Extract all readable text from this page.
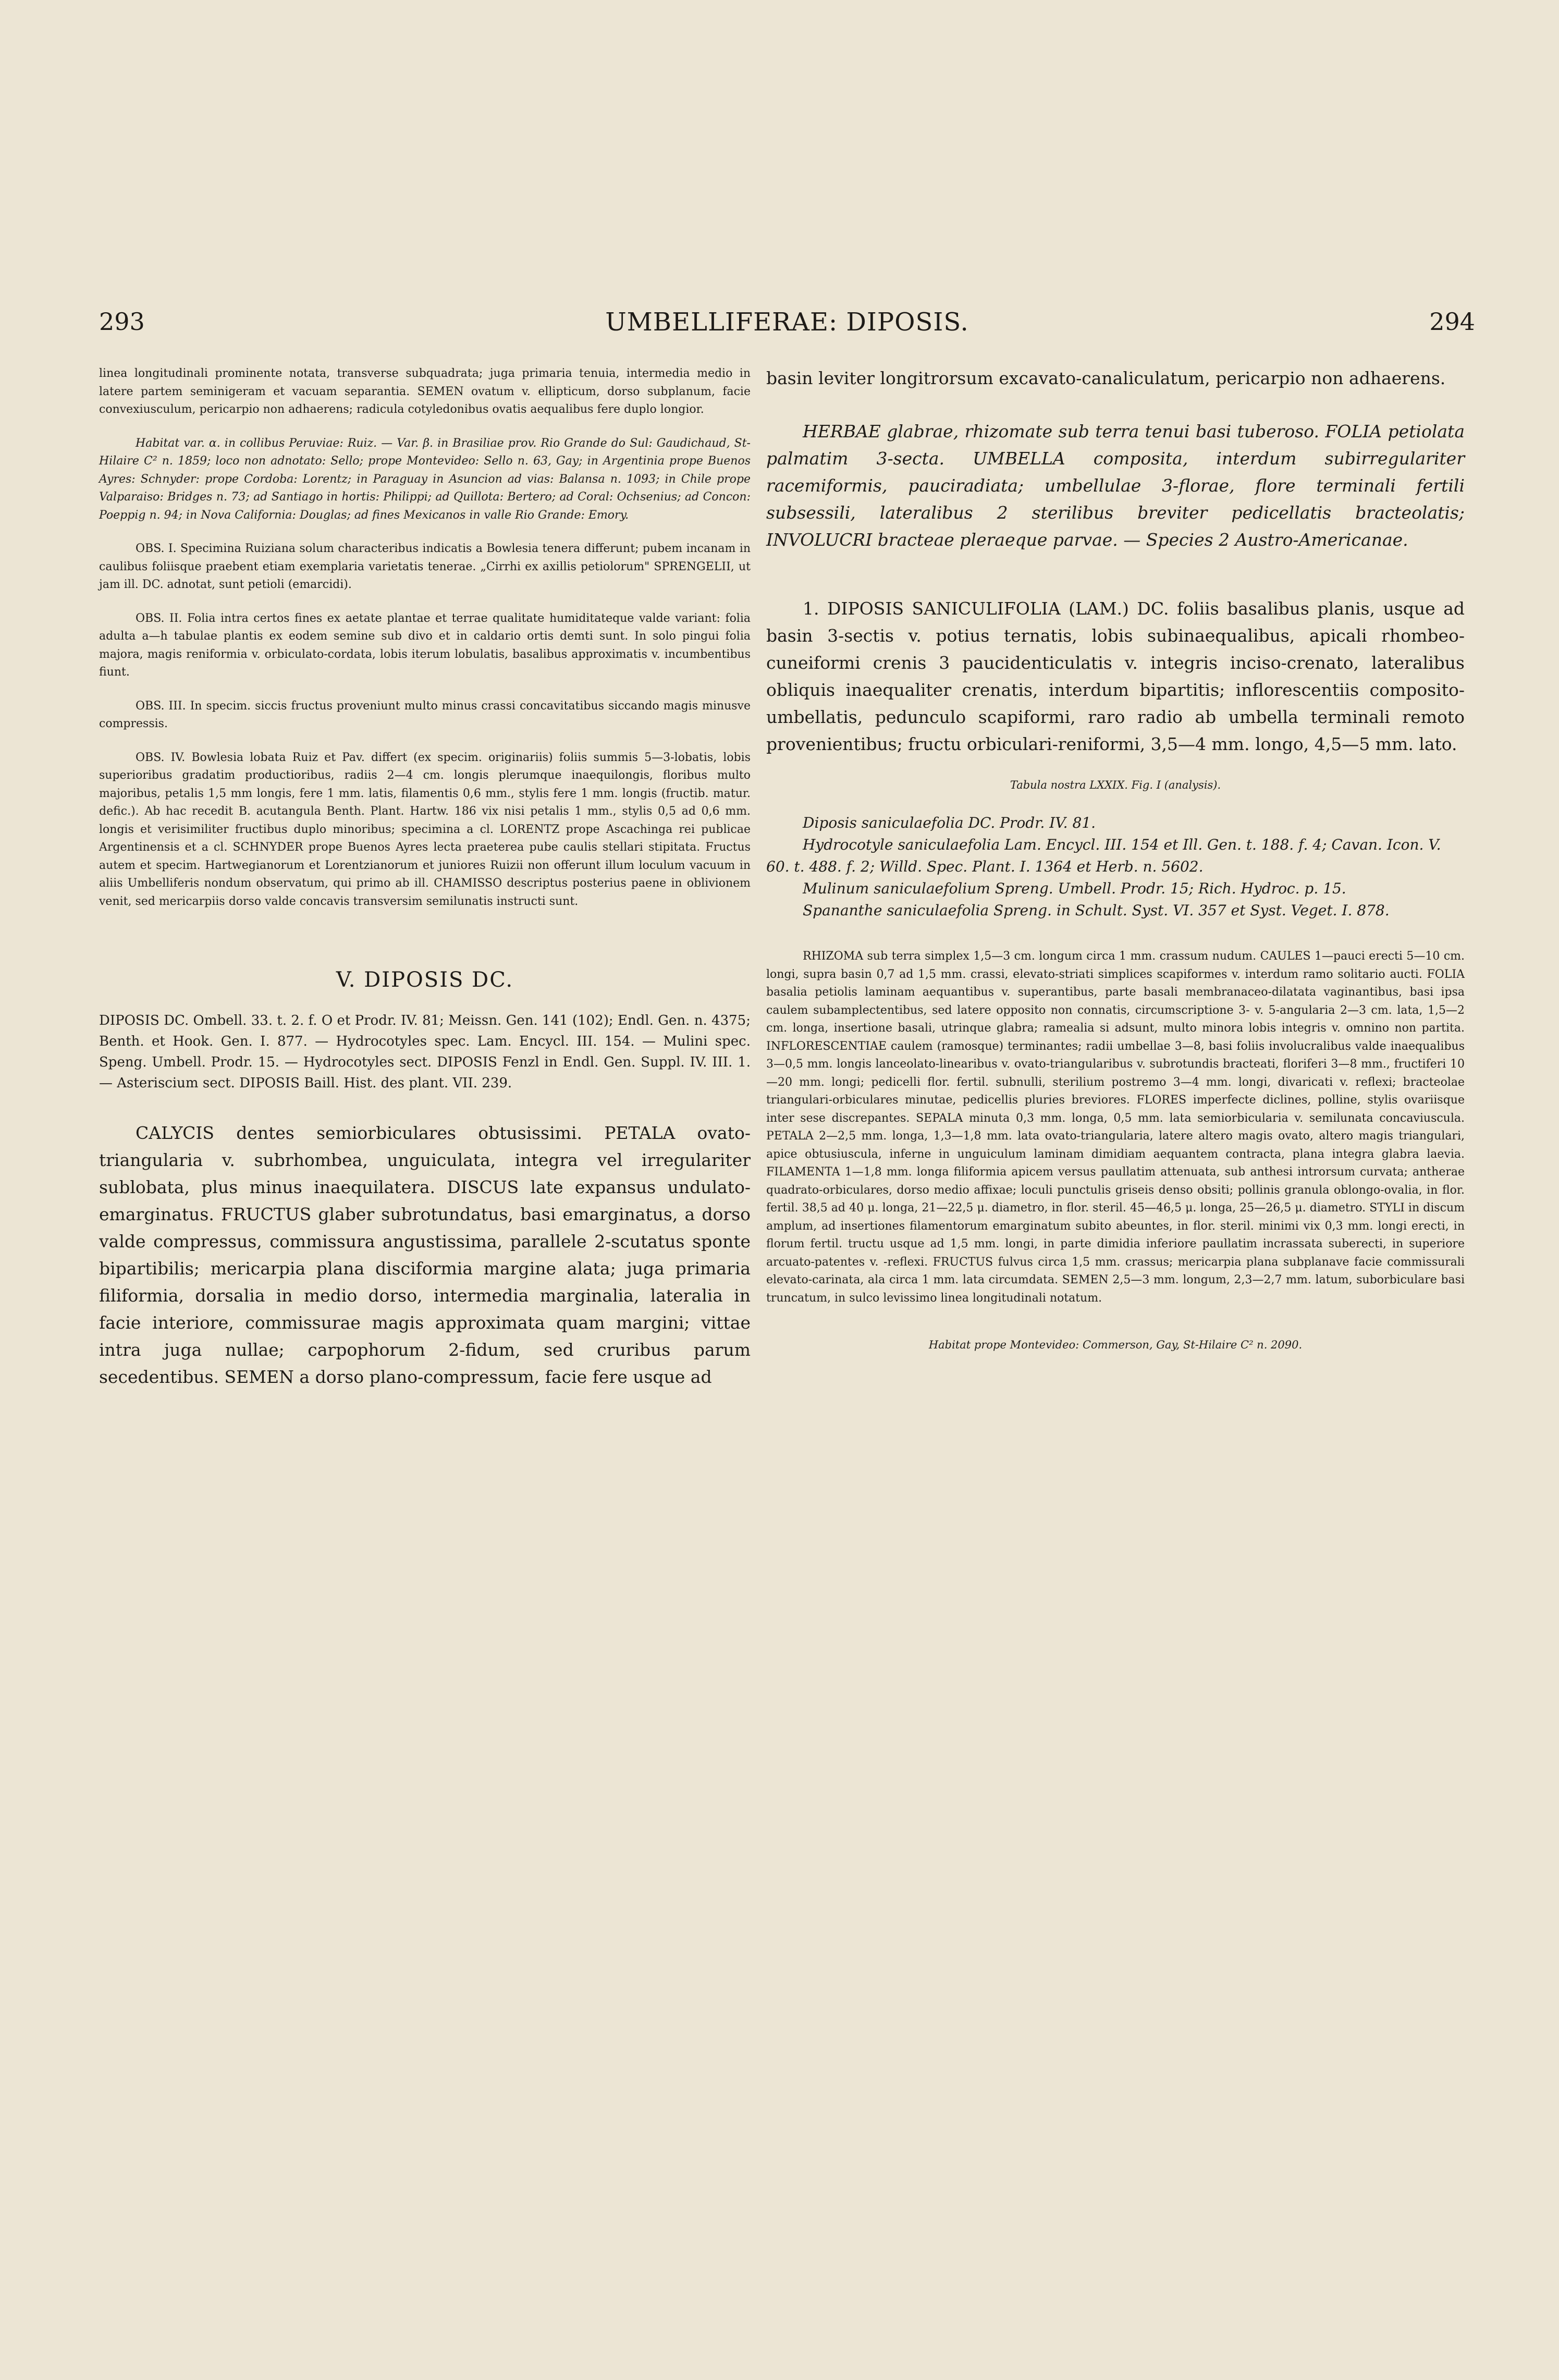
293	UMBELLIFERAE: DIPOSIS.	294

linea longitudinali prominente notata, transverse subquadrata; juga primaria tenuia, intermedia medio in latere partem seminigeram et vacuam separantia. SEMEN ovatum v. ellipticum, dorso subplanum, facie convexiusculum, pericarpio non adhaerens; radicula cotyledonibus ovatis aequalibus fere duplo longior.

Habitat var. α. in collibus Peruviae: Ruiz. — Var. β. in Brasiliae prov. Rio Grande do Sul: Gaudichaud, St-Hilaire C² n. 1859; loco non adnotato: Sello; prope Montevideo: Sello n. 63, Gay; in Argentinia prope Buenos Ayres: Schnyder: prope Cordoba: Lorentz; in Paraguay in Asuncion ad vias: Balansa n. 1093; in Chile prope Valparaiso: Bridges n. 73; ad Santiago in hortis: Philippi; ad Quillota: Bertero; ad Coral: Ochsenius; ad Concon: Poeppig n. 94; in Nova California: Douglas; ad fines Mexicanos in valle Rio Grande: Emory.

OBS. I. Specimina Ruiziana solum characteribus indicatis a Bowlesia tenera differunt; pubem incanam in caulibus foliisque praebent etiam exemplaria varietatis tenerae. „Cirrhi ex axillis petiolorum" SPRENGELII, ut jam ill. DC. adnotat, sunt petioli (emarcidi).

OBS. II. Folia intra certos fines ex aetate plantae et terrae qualitate humiditateque valde variant: folia adulta a—h tabulae plantis ex eodem semine sub divo et in caldario ortis demti sunt. In solo pingui folia majora, magis reniformia v. orbiculato-cordata, lobis iterum lobulatis, basalibus approximatis v. incumbentibus fiunt.

OBS. III. In specim. siccis fructus proveniunt multo minus crassi concavitatibus siccando magis minusve compressis.

OBS. IV. Bowlesia lobata Ruiz et Pav. differt (ex specim. originariis) foliis summis 5—3-lobatis, lobis superioribus gradatim productioribus, radiis 2—4 cm. longis plerumque inaequilongis, floribus multo majoribus, petalis 1,5 mm longis, fere 1 mm. latis, filamentis 0,6 mm., stylis fere 1 mm. longis (fructib. matur. defic.). Ab hac recedit B. acutangula Benth. Plant. Hartw. 186 vix nisi petalis 1 mm., stylis 0,5 ad 0,6 mm. longis et verisimiliter fructibus duplo minoribus; specimina a cl. LORENTZ prope Ascachinga rei publicae Argentinensis et a cl. SCHNYDER prope Buenos Ayres lecta praeterea pube caulis stellari stipitata. Fructus autem et specim. Hartwegianorum et Lorentzianorum et juniores Ruizii non offerunt illum loculum vacuum in aliis Umbelliferis nondum observatum, qui primo ab ill. CHAMISSO descriptus posterius paene in oblivionem venit, sed mericarpiis dorso valde concavis transversim semilunatis instructi sunt.

V. DIPOSIS DC.

DIPOSIS DC. Ombell. 33. t. 2. f. O et Prodr. IV. 81; Meissn. Gen. 141 (102); Endl. Gen. n. 4375; Benth. et Hook. Gen. I. 877. — Hydrocotyles spec. Lam. Encycl. III. 154. — Mulini spec. Speng. Umbell. Prodr. 15. — Hydrocotyles sect. DIPOSIS Fenzl in Endl. Gen. Suppl. IV. III. 1. — Asteriscium sect. DIPOSIS Baill. Hist. des plant. VII. 239.

CALYCIS dentes semiorbiculares obtusissimi. PETALA ovato-triangularia v. subrhombea, unguiculata, integra vel irregulariter sublobata, plus minus inaequilatera. DISCUS late expansus undulato-emarginatus. FRUCTUS glaber subrotundatus, basi emarginatus, a dorso valde compressus, commissura angustissima, parallele 2-scutatus sponte bipartibilis; mericarpia plana disciformia margine alata; juga primaria filiformia, dorsalia in medio dorso, intermedia marginalia, lateralia in facie interiore, commissurae magis approximata quam margini; vittae intra juga nullae; carpophorum 2-fidum, sed cruribus parum secedentibus. SEMEN a dorso plano-compressum, facie fere usque ad

basin leviter longitrorsum excavato-canaliculatum, pericarpio non adhaerens.

HERBAE glabrae, rhizomate sub terra tenui basi tuberoso. FOLIA petiolata palmatim 3-secta. UMBELLA composita, interdum subirregulariter racemiformis, pauciradiata; umbellulae 3-florae, flore terminali fertili subsessili, lateralibus 2 sterilibus breviter pedicellatis bracteolatis; INVOLUCRI bracteae pleraeque parvae. — Species 2 Austro-Americanae.

1. DIPOSIS SANICULIFOLIA (LAM.) DC. foliis basalibus planis, usque ad basin 3-sectis v. potius ternatis, lobis subinaequalibus, apicali rhombeo-cuneiformi crenis 3 paucidenticulatis v. integris inciso-crenato, lateralibus obliquis inaequaliter crenatis, interdum bipartitis; inflorescentiis composito-umbellatis, pedunculo scapiformi, raro radio ab umbella terminali remoto provenientibus; fructu orbiculari-reniformi, 3,5—4 mm. longo, 4,5—5 mm. lato.

Tabula nostra LXXIX. Fig. I (analysis).

Diposis saniculaefolia DC. Prodr. IV. 81.

Hydrocotyle saniculaefolia Lam. Encycl. III. 154 et Ill. Gen. t. 188. f. 4; Cavan. Icon. V. 60. t. 488. f. 2; Willd. Spec. Plant. I. 1364 et Herb. n. 5602.

Mulinum saniculaefolium Spreng. Umbell. Prodr. 15; Rich. Hydroc. p. 15.

Spananthe saniculaefolia Spreng. in Schult. Syst. VI. 357 et Syst. Veget. I. 878.

RHIZOMA sub terra simplex 1,5—3 cm. longum circa 1 mm. crassum nudum. CAULES 1—pauci erecti 5—10 cm. longi, supra basin 0,7 ad 1,5 mm. crassi, elevato-striati simplices scapiformes v. interdum ramo solitario aucti. FOLIA basalia petiolis laminam aequantibus v. superantibus, parte basali membranaceo-dilatata vaginantibus, basi ipsa caulem subamplectentibus, sed latere opposito non connatis, circumscriptione 3- v. 5-angularia 2—3 cm. lata, 1,5—2 cm. longa, insertione basali, utrinque glabra; ramealia si adsunt, multo minora lobis integris v. omnino non partita. INFLORESCENTIAE caulem (ramosque) terminantes; radii umbellae 3—8, basi foliis involucralibus valde inaequalibus 3—0,5 mm. longis lanceolato-linearibus v. ovato-triangularibus v. subrotundis bracteati, floriferi 3—8 mm., fructiferi 10—20 mm. longi; pedicelli flor. fertil. subnulli, sterilium postremo 3—4 mm. longi, divaricati v. reflexi; bracteolae triangulari-orbiculares minutae, pedicellis pluries breviores. FLORES imperfecte diclines, polline, stylis ovariisque inter sese discrepantes. SEPALA minuta 0,3 mm. longa, 0,5 mm. lata semiorbicularia v. semilunata concaviuscula. PETALA 2—2,5 mm. longa, 1,3—1,8 mm. lata ovato-triangularia, latere altero magis ovato, altero magis triangulari, apice obtusiuscula, inferne in unguiculum laminam dimidiam aequantem contracta, plana integra glabra laevia. FILAMENTA 1—1,8 mm. longa filiformia apicem versus paullatim attenuata, sub anthesi introrsum curvata; antherae quadrato-orbiculares, dorso medio affixae; loculi punctulis griseis denso obsiti; pollinis granula oblongo-ovalia, in flor. fertil. 38,5 ad 40 μ. longa, 21—22,5 μ. diametro, in flor. steril. 45—46,5 μ. longa, 25—26,5 μ. diametro. STYLI in discum amplum, ad insertiones filamentorum emarginatum subito abeuntes, in flor. steril. minimi vix 0,3 mm. longi erecti, in florum fertil. tructu usque ad 1,5 mm. longi, in parte dimidia inferiore paullatim incrassata suberecti, in superiore arcuato-patentes v. -reflexi. FRUCTUS fulvus circa 1,5 mm. crassus; mericarpia plana subplanave facie commissurali elevato-carinata, ala circa 1 mm. lata circumdata. SEMEN 2,5—3 mm. longum, 2,3—2,7 mm. latum, suborbiculare basi truncatum, in sulco levissimo linea longitudinali notatum.

Habitat prope Montevideo: Commerson, Gay, St-Hilaire C² n. 2090.
